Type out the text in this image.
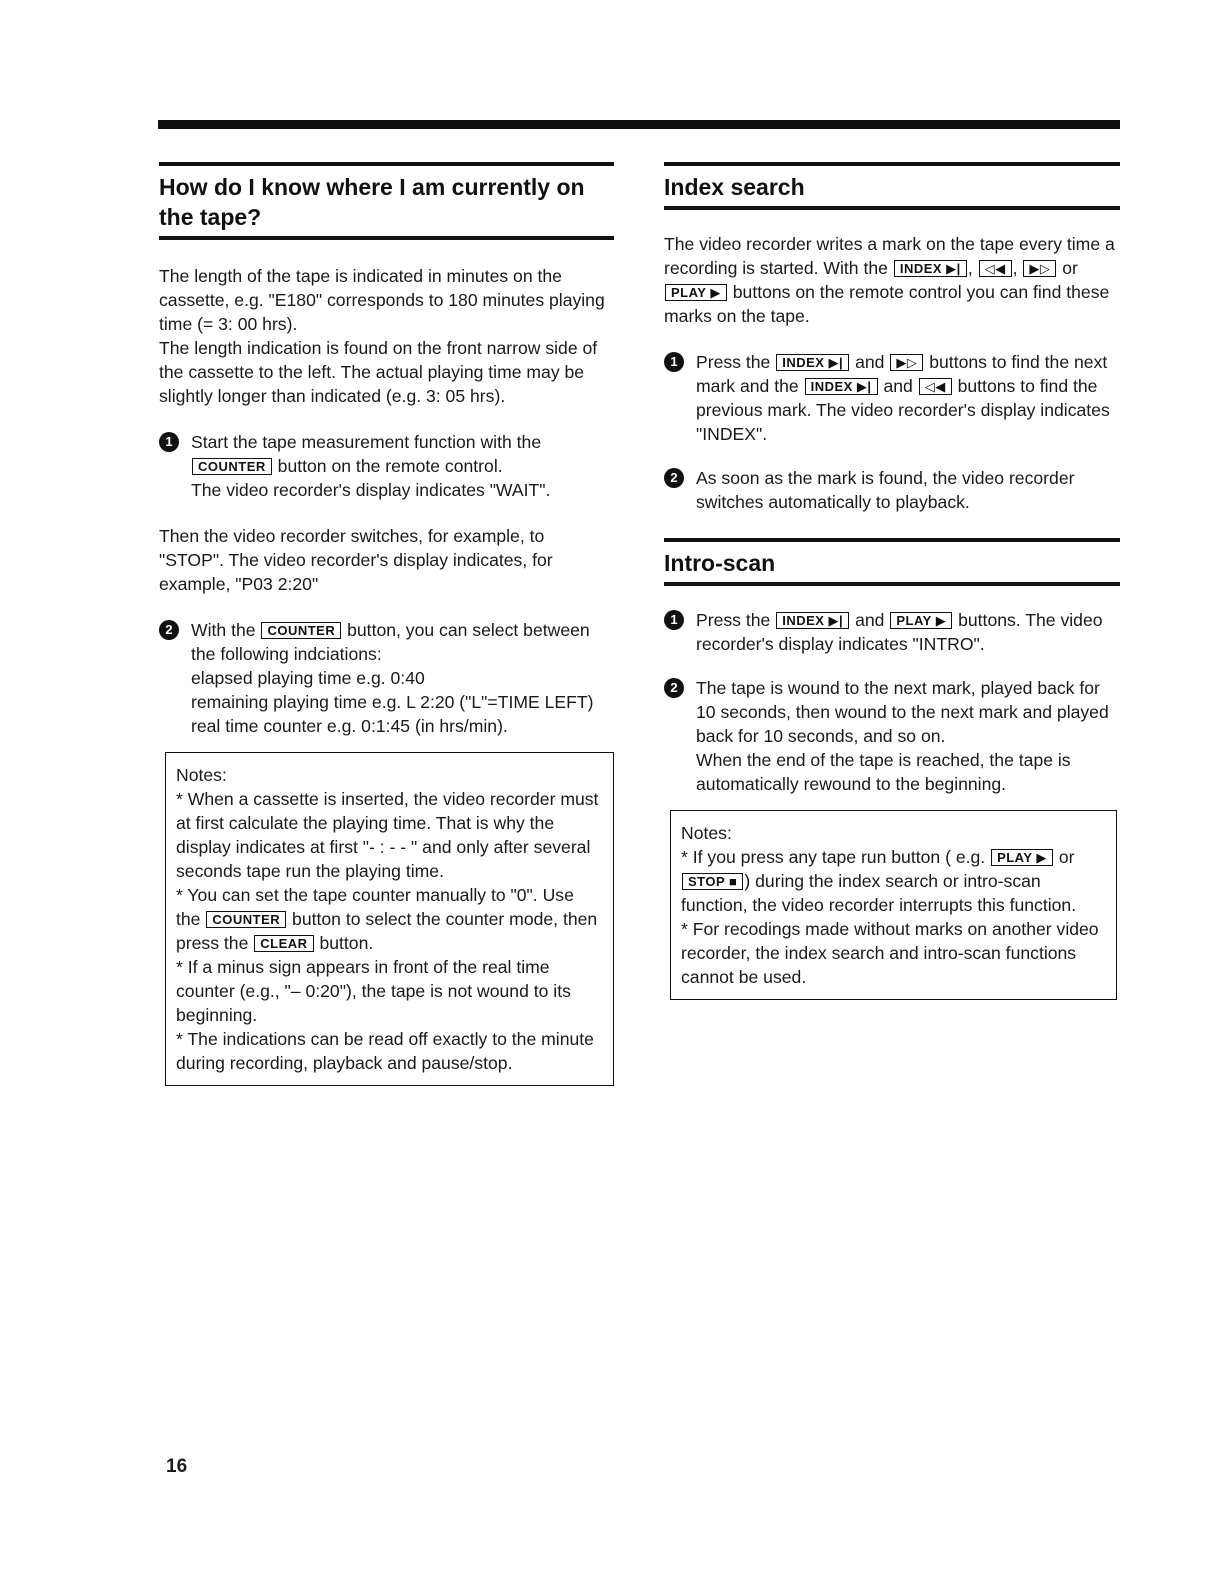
How do I know where I am currently on the tape?

The length of the tape is indicated in minutes on the cassette, e.g. "E180" corresponds to 180 minutes playing time (= 3: 00 hrs).

The length indication is found on the front narrow side of the cassette to the left. The actual playing time may be slightly longer than indicated (e.g. 3: 05 hrs).

1	Start the tape measurement function with the
COUNTER button on the remote control.
The video recorder's display indicates "WAIT".

Then the video recorder switches, for example, to "STOP". The video recorder's display indicates, for example, "P03 2:20"

2	With the COUNTER button, you can select between the following indciations:
elapsed playing time e.g. 0:40
remaining playing time e.g. L 2:20 ("L"=TIME LEFT)
real time counter e.g. 0:1:45 (in hrs/min).
Notes:
* When a cassette is inserted, the video recorder must at first calculate the playing time. That is why the display indicates at first "- : - - " and only after several seconds tape run the playing time.
* You can set the tape counter manually to "0". Use the COUNTER button to select the counter mode, then press the CLEAR button.
* If a minus sign appears in front of the real time counter (e.g., "– 0:20"), the tape is not wound to its beginning.
* The indications can be read off exactly to the minute during recording, playback and pause/stop.
Index search

The video recorder writes a mark on the tape every time a recording is started. With the INDEX ▶| , ◁◀ , ▶▷ or PLAY ▶ buttons on the remote control you can find these marks on the tape.

1	Press the INDEX ▶| and ▶▷ buttons to find the next mark and the INDEX ▶| and ◁◀ buttons to find the previous mark. The video recorder's display indicates "INDEX".
2	As soon as the mark is found, the video recorder switches automatically to playback.
Intro-scan
1	Press the INDEX ▶| and PLAY ▶ buttons. The video recorder's display indicates "INTRO".
2	The tape is wound to the next mark, played back for 10 seconds, then wound to the next mark and played back for 10 seconds, and so on.
When the end of the tape is reached, the tape is automatically rewound to the beginning.
Notes:
* If you press any tape run button ( e.g. PLAY ▶ or STOP ■ ) during the index search or intro-scan function, the video recorder interrupts this function.
* For recodings made without marks on another video recorder, the index search and intro-scan functions cannot be used.
16
